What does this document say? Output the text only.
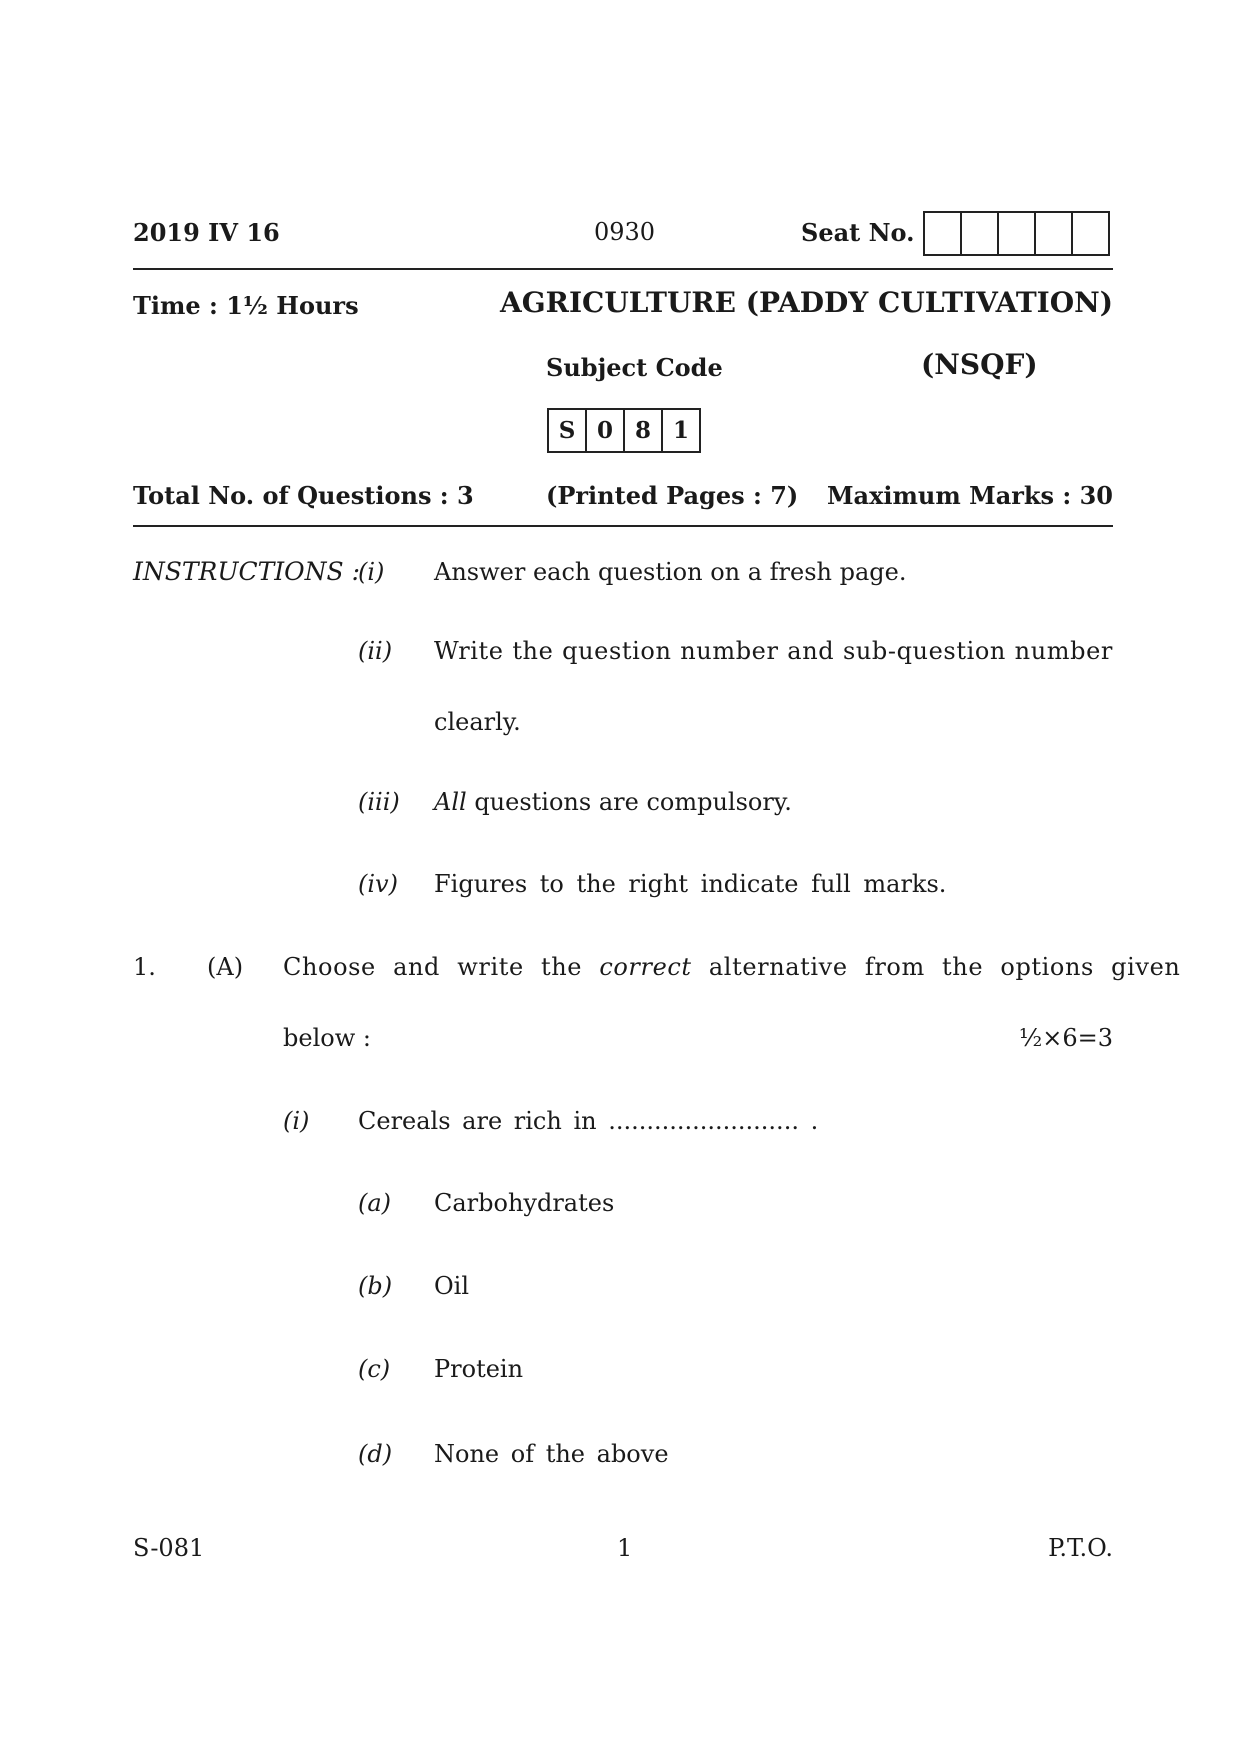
2019 IV 16	0930	Seat No.
Time : 1½ Hours	AGRICULTURE (PADDY CULTIVATION)
Subject Code	(NSQF)
S 0 8 1
Total No. of Questions : 3	(Printed Pages : 7)	Maximum Marks : 30
INSTRUCTIONS :
(i) Answer each question on a fresh page.
(ii) Write the question number and sub-question number
clearly.
(iii) All questions are compulsory.
(iv) Figures to the right indicate full marks.
1. (A) Choose and write the correct alternative from the options given
below :	½×6=3
(i) Cereals are rich in ......................... .
(a) Carbohydrates
(b) Oil
(c) Protein
(d) None of the above
S-081	1	P.T.O.
